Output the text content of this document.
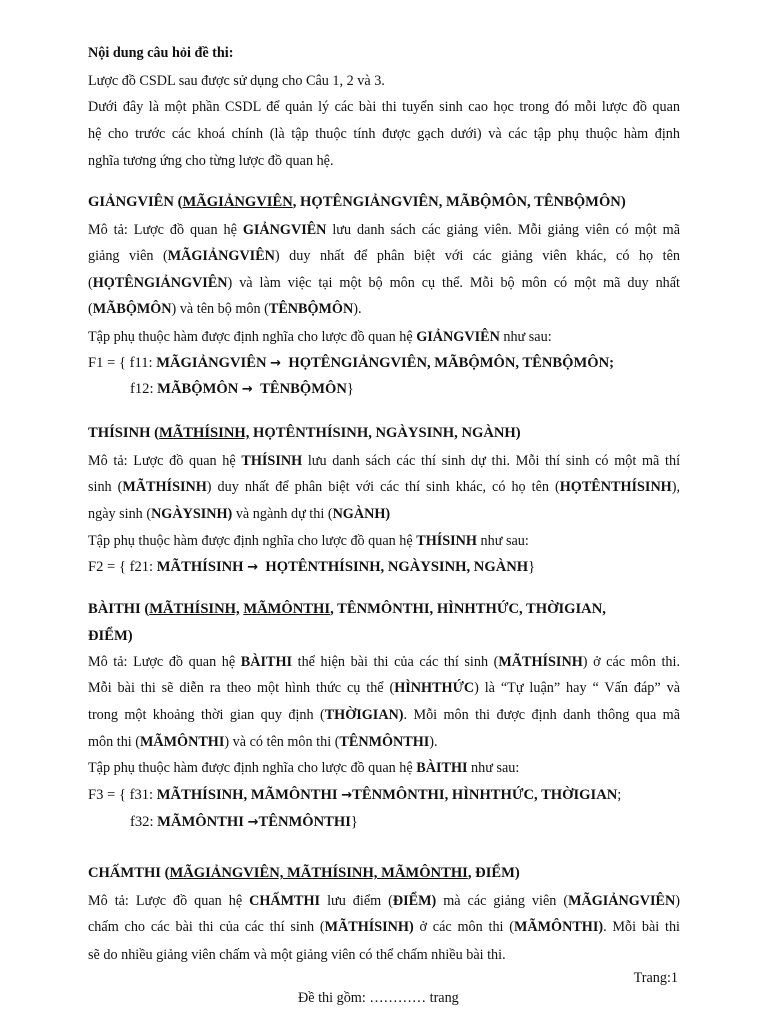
Nội dung câu hỏi đề thi:
Lược đồ CSDL sau được sử dụng cho Câu 1, 2 và 3.
Dưới đây là một phần CSDL để quản lý các bài thi tuyển sinh cao học trong đó mỗi lược đồ quan
hệ cho trước các khoá chính (là tập thuộc tính được gạch dưới) và các tập phụ thuộc hàm định
nghĩa tương ứng cho từng lược đồ quan hệ.
GIẢNGVIÊN (MÃGIẢNGVIÊN, HỌTÊNGIẢNGVIÊN, MÃBỘMÔN, TÊNBỘMÔN)
Mô tả: Lược đồ quan hệ GIẢNGVIÊN lưu danh sách các giảng viên. Mỗi giảng viên có một mã
giảng viên (MÃGIẢNGVIÊN) duy nhất để phân biệt với các giảng viên khác, có họ tên
(HỌTÊNGIẢNGVIÊN) và làm việc tại một bộ môn cụ thể. Mỗi bộ môn có một mã duy nhất
(MÃBỘMÔN) và tên bộ môn (TÊNBỘMÔN).
Tập phụ thuộc hàm được định nghĩa cho lược đồ quan hệ GIẢNGVIÊN như sau:
F1 = { f11: MÃGIẢNGVIÊN → HỌTÊNGIẢNGVIÊN, MÃBỘMÔN, TÊNBỘMÔN;
f12: MÃBỘMÔN → TÊNBỘMÔN}
THÍSINH (MÃTHÍSINH, HỌTÊNTHÍSINH, NGÀYSINH, NGÀNH)
Mô tả: Lược đồ quan hệ THÍSINH lưu danh sách các thí sinh dự thi. Mỗi thí sinh có một mã thí
sinh (MÃTHÍSINH) duy nhất để phân biệt với các thí sinh khác, có họ tên (HỌTÊNTHÍSINH),
ngày sinh (NGÀYSINH) và ngành dự thi (NGÀNH)
Tập phụ thuộc hàm được định nghĩa cho lược đồ quan hệ THÍSINH như sau:
F2 = { f21: MÃTHÍSINH → HỌTÊNTHÍSINH, NGÀYSINH, NGÀNH}
BÀITHI (MÃTHÍSINH, MÃMÔNTHI, TÊNMÔNTHI, HÌNHTHỨC, THỜIGIAN,
ĐIỂM)
Mô tả: Lược đồ quan hệ BÀITHI thể hiện bài thi của các thí sinh (MÃTHÍSINH) ở các môn thi.
Mỗi bài thi sẽ diễn ra theo một hình thức cụ thể (HÌNHTHỨC) là “Tự luận” hay “ Vấn đáp” và
trong một khoảng thời gian quy định (THỜIGIAN). Mỗi môn thi được định danh thông qua mã
môn thi (MÃMÔNTHI) và có tên môn thi (TÊNMÔNTHI).
Tập phụ thuộc hàm được định nghĩa cho lược đồ quan hệ BÀITHI như sau:
F3 = { f31: MÃTHÍSINH, MÃMÔNTHI →TÊNMÔNTHI, HÌNHTHỨC, THỜIGIAN;
f32: MÃMÔNTHI →TÊNMÔNTHI}
CHẤMTHI (MÃGIẢNGVIÊN, MÃTHÍSINH, MÃMÔNTHI, ĐIỂM)
Mô tả: Lược đồ quan hệ CHẤMTHI lưu điểm (ĐIỂM) mà các giảng viên (MÃGIẢNGVIÊN)
chấm cho các bài thi của các thí sinh (MÃTHÍSINH) ở các môn thi (MÃMÔNTHI). Mỗi bài thi
sẽ do nhiều giảng viên chấm và một giảng viên có thể chấm nhiều bài thi.
Trang:1
Đề thi gồm: ………… trang
